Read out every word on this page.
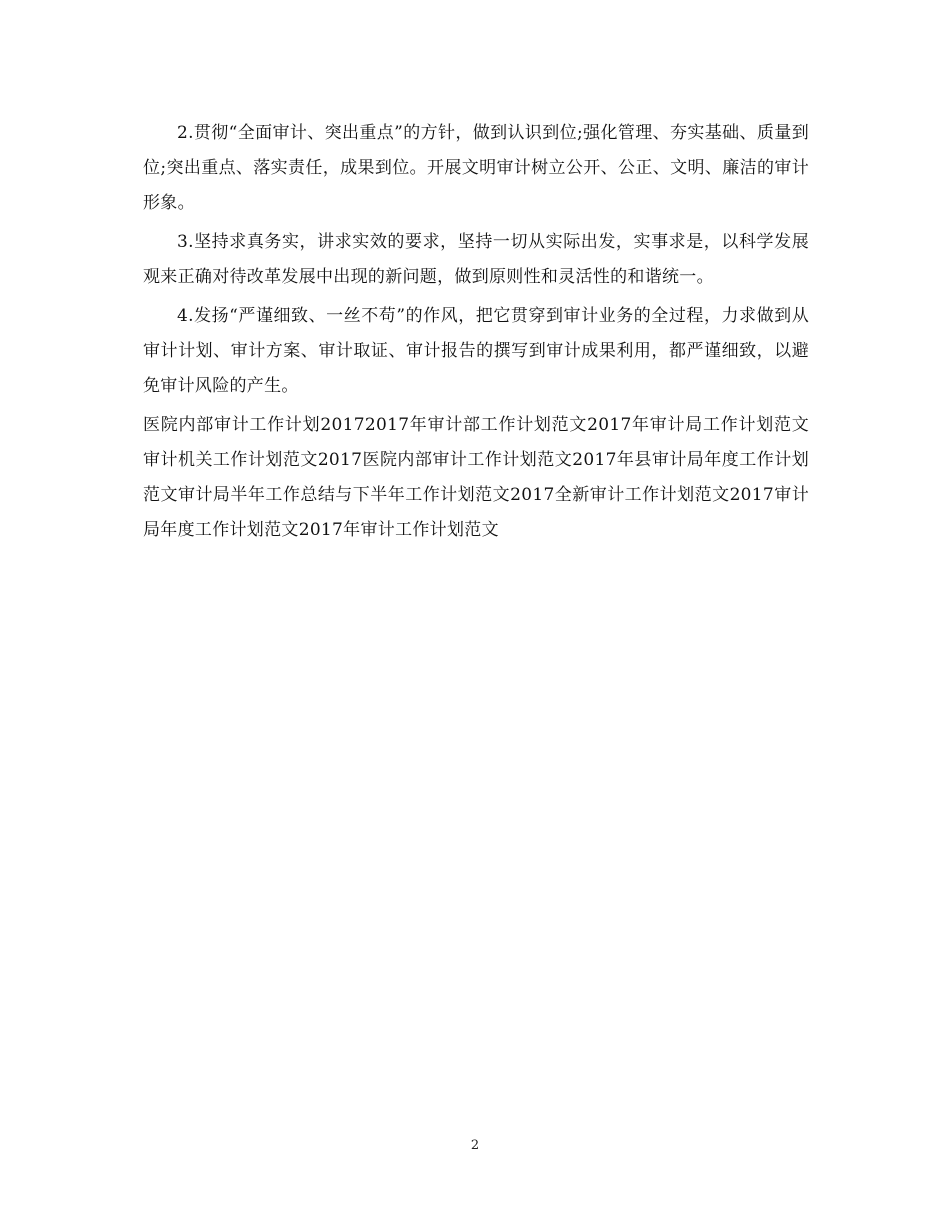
2.贯彻“全面审计、突出重点”的方针，做到认识到位;强化管理、夯实基础、质量到位;突出重点、落实责任，成果到位。开展文明审计树立公开、公正、文明、廉洁的审计形象。

3.坚持求真务实，讲求实效的要求，坚持一切从实际出发，实事求是，以科学发展观来正确对待改革发展中出现的新问题，做到原则性和灵活性的和谐统一。

4.发扬“严谨细致、一丝不苟”的作风，把它贯穿到审计业务的全过程，力求做到从审计计划、审计方案、审计取证、审计报告的撰写到审计成果利用，都严谨细致，以避免审计风险的产生。

医院内部审计工作计划20172017年审计部工作计划范文2017年审计局工作计划范文审计机关工作计划范文2017医院内部审计工作计划范文2017年县审计局年度工作计划范文审计局半年工作总结与下半年工作计划范文2017全新审计工作计划范文2017审计局年度工作计划范文2017年审计工作计划范文

2
